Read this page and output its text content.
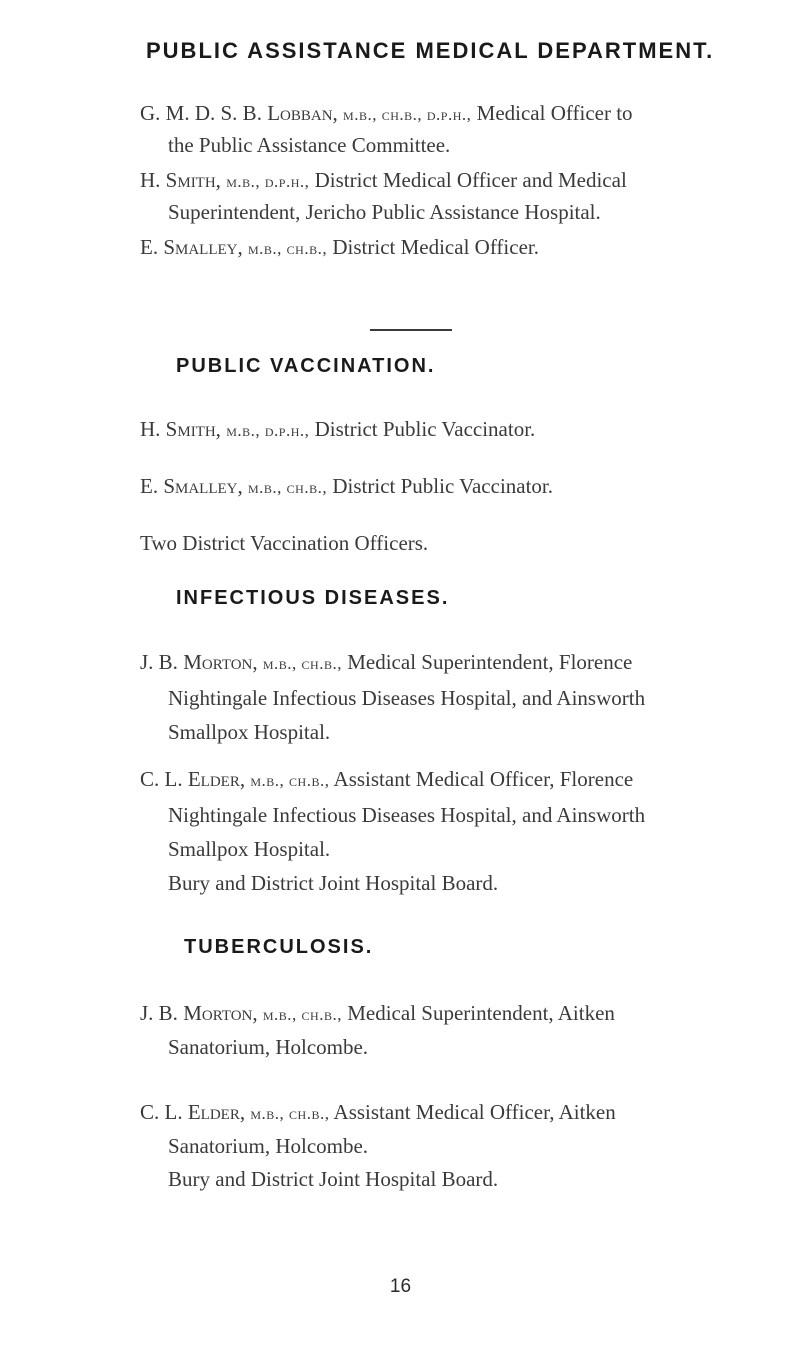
PUBLIC ASSISTANCE MEDICAL DEPARTMENT.
G. M. D. S. B. Lobban, m.b., ch.b., d.p.h., Medical Officer to
the Public Assistance Committee.
H. Smith, m.b., d.p.h., District Medical Officer and Medical
Superintendent, Jericho Public Assistance Hospital.
E. Smalley, m.b., ch.b., District Medical Officer.
PUBLIC VACCINATION.
H. Smith, m.b., d.p.h., District Public Vaccinator.
E. Smalley, m.b., ch.b., District Public Vaccinator.
Two District Vaccination Officers.
INFECTIOUS DISEASES.
J. B. Morton, m.b., ch.b., Medical Superintendent, Florence
Nightingale Infectious Diseases Hospital, and Ainsworth
Smallpox Hospital.
C. L. Elder, m.b., ch.b., Assistant Medical Officer, Florence
Nightingale Infectious Diseases Hospital, and Ainsworth
Smallpox Hospital.
Bury and District Joint Hospital Board.
TUBERCULOSIS.
J. B. Morton, m.b., ch.b., Medical Superintendent, Aitken
Sanatorium, Holcombe.
C. L. Elder, m.b., ch.b., Assistant Medical Officer, Aitken
Sanatorium, Holcombe.
Bury and District Joint Hospital Board.
16
